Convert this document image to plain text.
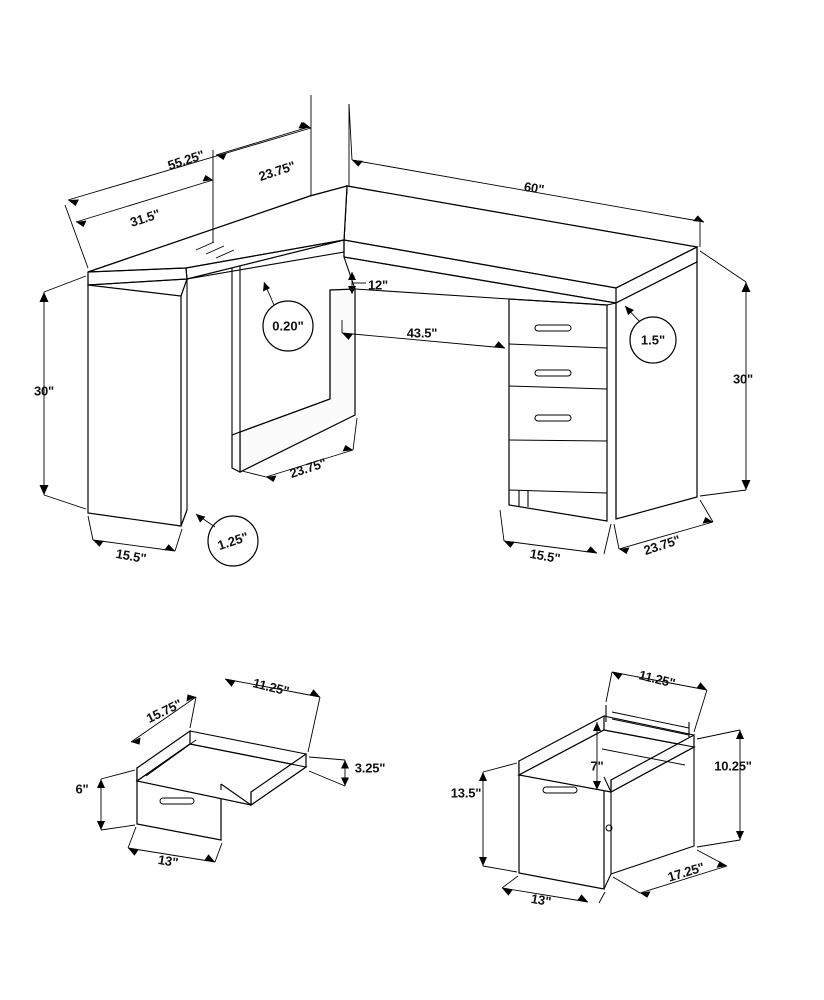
55.25"	23.75"
31.5"
60"
12"
43.5"
30"
30"
23.75"
15.5"	15.5"	23.75"
0.20"
1.5"
1.25"
15.75"
11.25"
3.25"
6"
13"
11.25"
7"	10.25"
13.5"
13"
17.25"
